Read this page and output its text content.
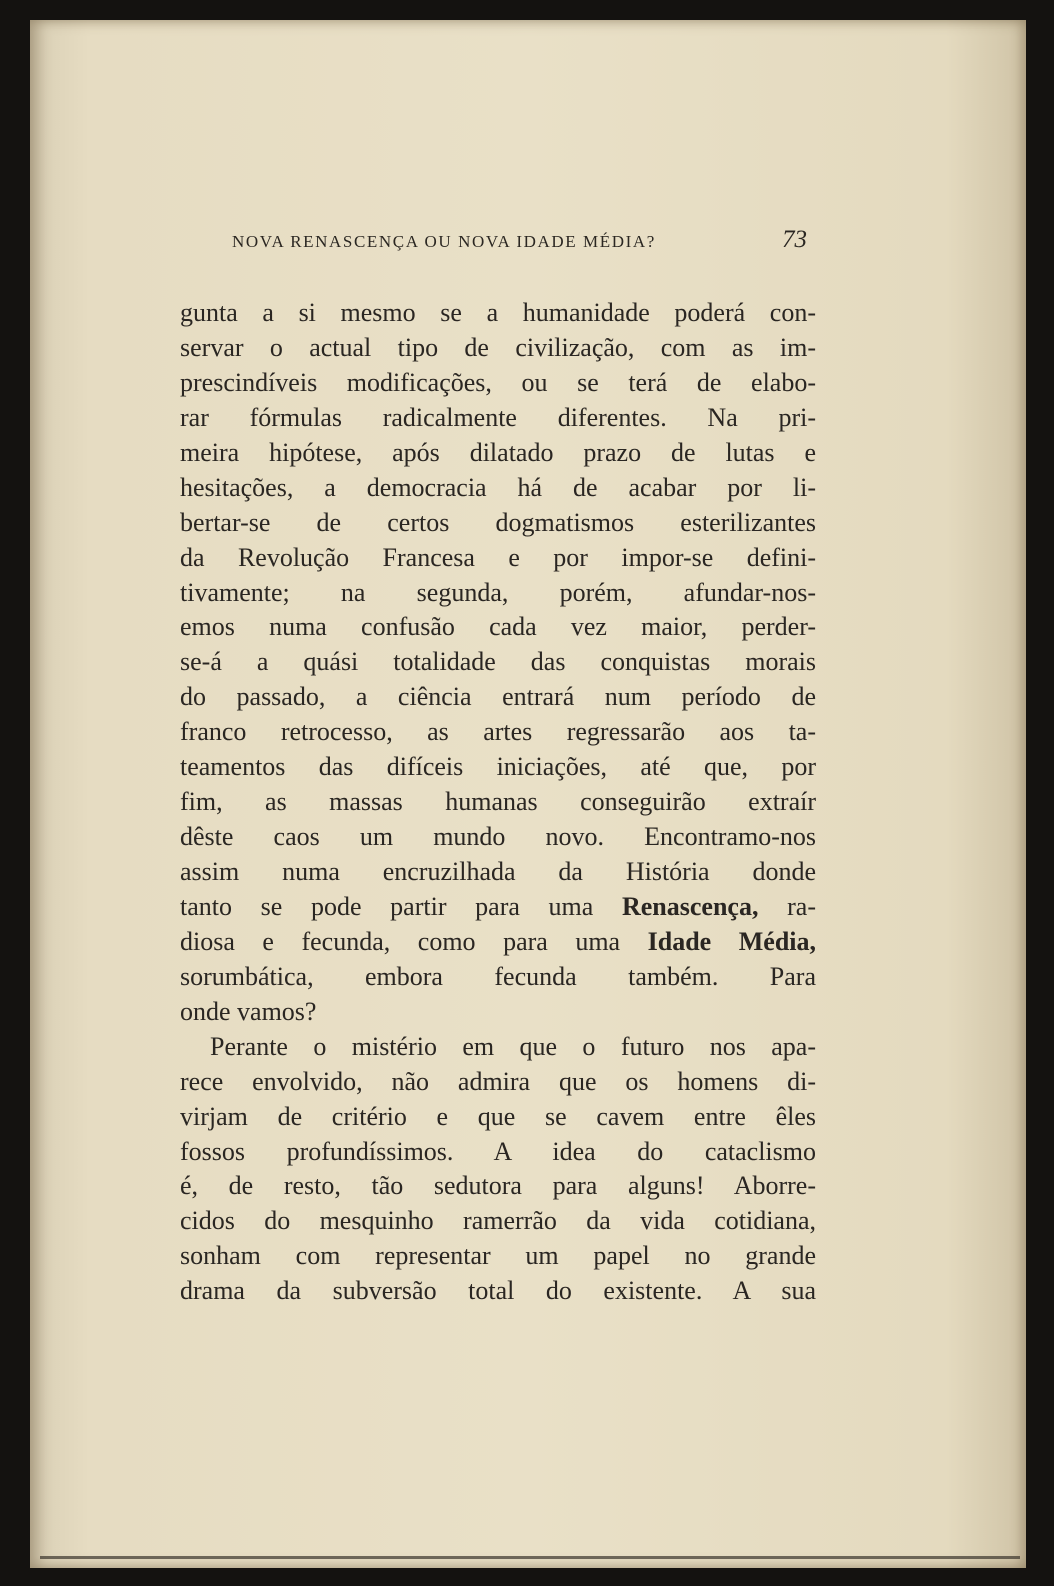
NOVA RENASCENÇA OU NOVA IDADE MÉDIA?	73
gunta a si mesmo se a humanidade poderá con-
servar o actual tipo de civilização, com as im-
prescindíveis modificações, ou se terá de elabo-
rar fórmulas radicalmente diferentes. Na pri-
meira hipótese, após dilatado prazo de lutas e
hesitações, a democracia há de acabar por li-
bertar-se de certos dogmatismos esterilizantes
da Revolução Francesa e por impor-se defini-
tivamente; na segunda, porém, afundar-nos-
emos numa confusão cada vez maior, perder-
se-á a quási totalidade das conquistas morais
do passado, a ciência entrará num período de
franco retrocesso, as artes regressarão aos ta-
teamentos das difíceis iniciações, até que, por
fim, as massas humanas conseguirão extraír
dêste caos um mundo novo. Encontramo-nos
assim numa encruzilhada da História donde
tanto se pode partir para uma Renascença, ra-
diosa e fecunda, como para uma Idade Média,
sorumbática, embora fecunda também. Para
onde vamos?
Perante o mistério em que o futuro nos apa-
rece envolvido, não admira que os homens di-
virjam de critério e que se cavem entre êles
fossos profundíssimos. A idea do cataclismo
é, de resto, tão sedutora para alguns! Aborre-
cidos do mesquinho ramerrão da vida cotidiana,
sonham com representar um papel no grande
drama da subversão total do existente. A sua
